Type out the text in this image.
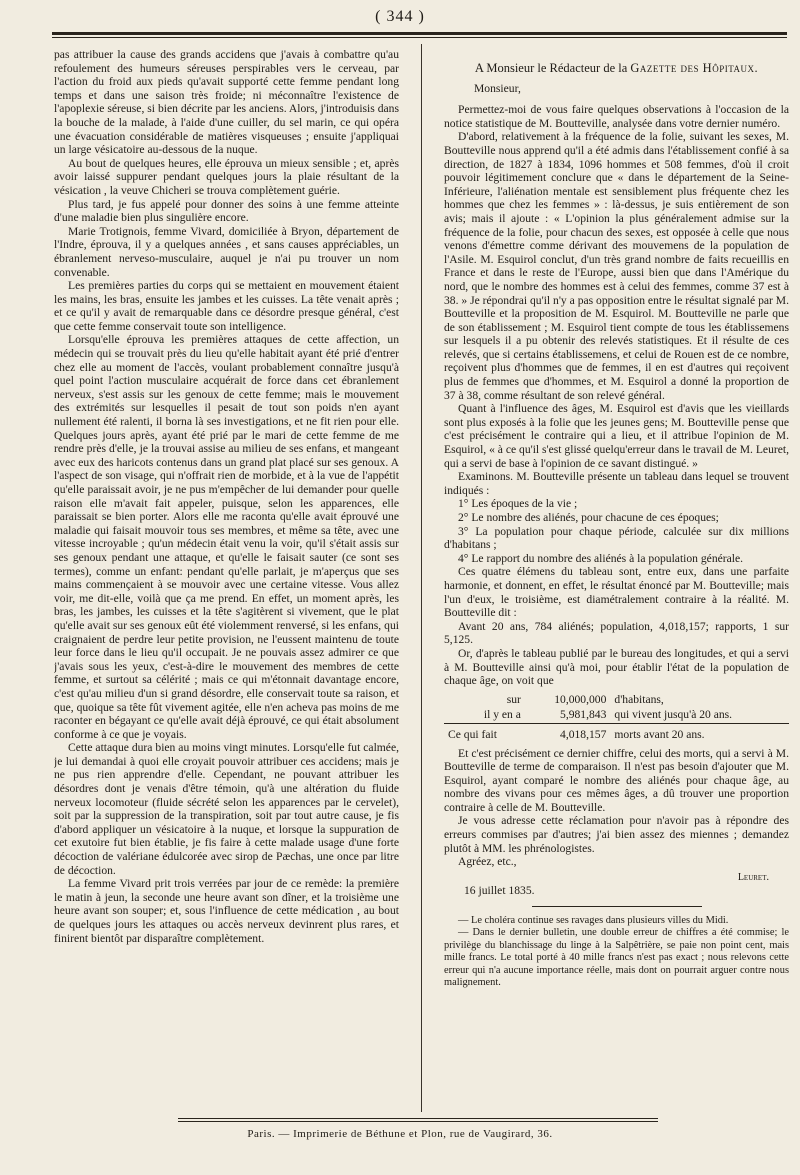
( 344 )

pas attribuer la cause des grands accidens que j'avais à combattre qu'au refoulement des humeurs séreuses perspirables vers le cerveau, par l'action du froid aux pieds qu'avait supporté cette femme pendant long temps et dans une saison très froide; ni méconnaître l'existence de l'apoplexie séreuse, si bien décrite par les anciens. Alors, j'introduisis dans la bouche de la malade, à l'aide d'une cuiller, du sel marin, ce qui opéra une évacuation considérable de matières visqueuses ; ensuite j'appliquai un large vésicatoire au-dessous de la nuque.

Au bout de quelques heures, elle éprouva un mieux sensible ; et, après avoir laissé suppurer pendant quelques jours la plaie résultant de la vésication , la veuve Chicheri se trouva complètement guérie.

Plus tard, je fus appelé pour donner des soins à une femme atteinte d'une maladie bien plus singulière encore.

Marie Trotignois, femme Vivard, domiciliée à Bryon, département de l'Indre, éprouva, il y a quelques années , et sans causes appréciables, un ébranlement nerveso-musculaire, auquel je n'ai pu trouver un nom convenable.

Les premières parties du corps qui se mettaient en mouvement étaient les mains, les bras, ensuite les jambes et les cuisses. La tête venait après ; et ce qu'il y avait de remarquable dans ce désordre presque général, c'est que cette femme conservait toute son intelligence.

Lorsqu'elle éprouva les premières attaques de cette affection, un médecin qui se trouvait près du lieu qu'elle habitait ayant été prié d'entrer chez elle au moment de l'accès, voulant probablement connaître jusqu'à quel point l'action musculaire acquérait de force dans cet ébranlement nerveux, s'est assis sur les genoux de cette femme; mais le mouvement des extrémités sur lesquelles il pesait de tout son poids n'en ayant nullement été ralenti, il borna là ses investigations, et ne fit rien pour elle. Quelques jours après, ayant été prié par le mari de cette femme de me rendre près d'elle, je la trouvai assise au milieu de ses enfans, et mangeant avec eux des haricots contenus dans un grand plat placé sur ses genoux. A l'aspect de son visage, qui n'offrait rien de morbide, et à la vue de l'appétit qu'elle paraissait avoir, je ne pus m'empêcher de lui demander pour quelle raison elle m'avait fait appeler, puisque, selon les apparences, elle paraissait se bien porter. Alors elle me raconta qu'elle avait éprouvé une maladie qui faisait mouvoir tous ses membres, et même sa tête, avec une vitesse incroyable ; qu'un médecin était venu la voir, qu'il s'était assis sur ses genoux pendant une attaque, et qu'elle le faisait sauter (ce sont ses termes), comme un enfant: pendant qu'elle parlait, je m'aperçus que ses mains commençaient à se mouvoir avec une certaine vitesse. Vous allez voir, me dit-elle, voilà que ça me prend. En effet, un moment après, les bras, les jambes, les cuisses et la tête s'agitèrent si vivement, que le plat qu'elle avait sur ses genoux eût été violemment renversé, si les enfans, qui craignaient de perdre leur petite provision, ne l'eussent maintenu de toute leur force dans le lieu qu'il occupait. Je ne pouvais assez admirer ce que j'avais sous les yeux, c'est-à-dire le mouvement des membres de cette femme, et surtout sa célérité ; mais ce qui m'étonnait davantage encore, c'est qu'au milieu d'un si grand désordre, elle conservait toute sa raison, et que, quoique sa tête fût vivement agitée, elle n'en acheva pas moins de me raconter en bégayant ce qu'elle avait déjà éprouvé, ce qui était absolument conforme à ce que je voyais.

Cette attaque dura bien au moins vingt minutes. Lorsqu'elle fut calmée, je lui demandai à quoi elle croyait pouvoir attribuer ces accidens; mais je ne pus rien apprendre d'elle. Cependant, ne pouvant attribuer les désordres dont je venais d'être témoin, qu'à une altération du fluide nerveux locomoteur (fluide sécrété selon les apparences par le cervelet), soit par la suppression de la transpiration, soit par tout autre cause, je fis d'abord appliquer un vésicatoire à la nuque, et lorsque la suppuration de cet exutoire fut bien établie, je fis faire à cette malade usage d'une forte décoction de valériane édulcorée avec sirop de Pæchas, une once par litre de décoction.

La femme Vivard prit trois verrées par jour de ce remède: la première le matin à jeun, la seconde une heure avant son dîner, et la troisième une heure avant son souper; et, sous l'influence de cette médication , au bout de quelques jours les attaques ou accès nerveux devinrent plus rares, et finirent bientôt par disparaître complètement.

A Monsieur le Rédacteur de la Gazette des Hôpitaux.

Monsieur,

Permettez-moi de vous faire quelques observations à l'occasion de la notice statistique de M. Boutteville, analysée dans votre dernier numéro.

D'abord, relativement à la fréquence de la folie, suivant les sexes, M. Boutteville nous apprend qu'il a été admis dans l'établissement confié à sa direction, de 1827 à 1834, 1096 hommes et 508 femmes, d'où il croit pouvoir légitimement conclure que « dans le département de la Seine-Inférieure, l'aliénation mentale est sensiblement plus fréquente chez les hommes que chez les femmes » : là-dessus, je suis entièrement de son avis; mais il ajoute : « L'opinion la plus généralement admise sur la fréquence de la folie, pour chacun des sexes, est opposée à celle que nous venons d'émettre comme dérivant des mouvemens de la population de l'Asile. M. Esquirol conclut, d'un très grand nombre de faits recueillis en France et dans le reste de l'Europe, aussi bien que dans l'Amérique du nord, que le nombre des hommes est à celui des femmes, comme 37 est à 38. » Je répondrai qu'il n'y a pas opposition entre le résultat signalé par M. Boutteville et la proposition de M. Esquirol. M. Boutteville ne parle que de son établissement ; M. Esquirol tient compte de tous les établissemens sur lesquels il a pu obtenir des relevés statistiques. Et il résulte de ces relevés, que si certains établissemens, et celui de Rouen est de ce nombre, reçoivent plus d'hommes que de femmes, il en est d'autres qui reçoivent plus de femmes que d'hommes, et M. Esquirol a donné la proportion de 37 à 38, comme résultant de son relevé général.

Quant à l'influence des âges, M. Esquirol est d'avis que les vieillards sont plus exposés à la folie que les jeunes gens; M. Boutteville pense que c'est précisément le contraire qui a lieu, et il attribue l'opinion de M. Esquirol, « à ce qu'il s'est glissé quelqu'erreur dans le travail de M. Leuret, qui a servi de base à l'opinion de ce savant distingué. »

Examinons. M. Boutteville présente un tableau dans lequel se trouvent indiqués :

1° Les époques de la vie ;

2° Le nombre des aliénés, pour chacune de ces époques;

3° La population pour chaque période, calculée sur dix millions d'habitans ;

4° Le rapport du nombre des aliénés à la population générale.

Ces quatre élémens du tableau sont, entre eux, dans une parfaite harmonie, et donnent, en effet, le résultat énoncé par M. Boutteville; mais l'un d'eux, le troisième, est diamétralement contraire à la réalité. M. Boutteville dit :

Avant 20 ans, 784 aliénés; population, 4,018,157; rapports, 1 sur 5,125.

Or, d'après le tableau publié par le bureau des longitudes, et qui a servi à M. Boutteville ainsi qu'à moi, pour établir l'état de la population de chaque âge, on voit que

sur	10,000,000	d'habitans,
il y en a	5,981,843	qui vivent jusqu'à 20 ans.
Ce qui fait	4,018,157	morts avant 20 ans.

Et c'est précisément ce dernier chiffre, celui des morts, qui a servi à M. Boutteville de terme de comparaison. Il n'est pas besoin d'ajouter que M. Esquirol, ayant comparé le nombre des aliénés pour chaque âge, au nombre des vivans pour ces mêmes âges, a dû trouver une proportion contraire à celle de M. Boutteville.

Je vous adresse cette réclamation pour n'avoir pas à répondre des erreurs commises par d'autres; j'ai bien assez des miennes ; demandez plutôt à MM. les phrénologistes.

Agréez, etc.,

Leuret.

16 juillet 1835.

— Le choléra continue ses ravages dans plusieurs villes du Midi.

— Dans le dernier bulletin, une double erreur de chiffres a été commise; le privilège du blanchissage du linge à la Salpêtrière, se paie non point cent, mais mille francs. Le total porté à 40 mille francs n'est pas exact ; nous relevons cette erreur qui n'a aucune importance réelle, mais dont on pourrait arguer contre nous malignement.

Paris. — Imprimerie de Béthune et Plon, rue de Vaugirard, 36.
